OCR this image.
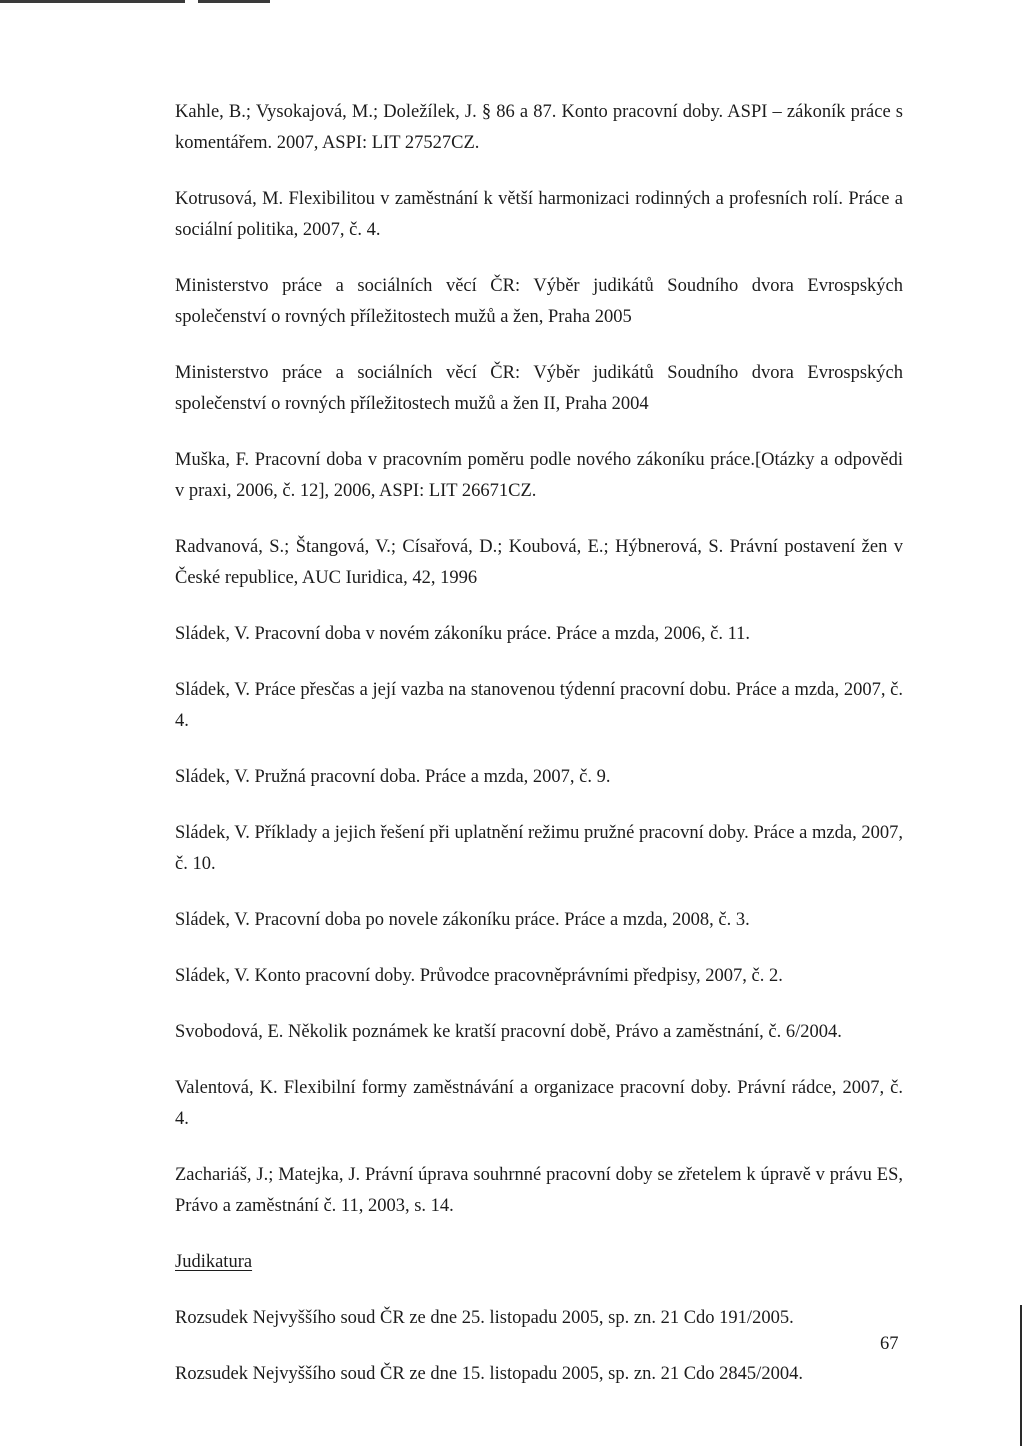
Kahle, B.; Vysokajová, M.; Doležílek, J. § 86 a 87. Konto pracovní doby. ASPI – zákoník práce s komentářem. 2007, ASPI: LIT 27527CZ.

Kotrusová, M. Flexibilitou v zaměstnání k větší harmonizaci rodinných a profesních rolí. Práce a sociální politika, 2007, č. 4.

Ministerstvo práce a sociálních věcí ČR: Výběr judikátů Soudního dvora Evrospských společenství o rovných příležitostech mužů a žen, Praha 2005

Ministerstvo práce a sociálních věcí ČR: Výběr judikátů Soudního dvora Evrospských společenství o rovných příležitostech mužů a žen II, Praha 2004

Muška, F. Pracovní doba v pracovním poměru podle nového zákoníku práce.[Otázky a odpovědi v praxi, 2006, č. 12], 2006, ASPI: LIT 26671CZ.

Radvanová, S.; Štangová, V.; Císařová, D.; Koubová, E.; Hýbnerová, S. Právní postavení žen v České republice, AUC Iuridica, 42, 1996

Sládek, V. Pracovní doba v novém zákoníku práce. Práce a mzda, 2006, č. 11.

Sládek, V. Práce přesčas a její vazba na stanovenou týdenní pracovní dobu. Práce a mzda, 2007, č. 4.

Sládek, V. Pružná pracovní doba. Práce a mzda, 2007, č. 9.

Sládek, V. Příklady a jejich řešení při uplatnění režimu pružné pracovní doby. Práce a mzda, 2007, č. 10.

Sládek, V. Pracovní doba po novele zákoníku práce. Práce a mzda, 2008, č. 3.

Sládek, V. Konto pracovní doby. Průvodce pracovněprávními předpisy, 2007, č. 2.

Svobodová, E. Několik poznámek ke kratší pracovní době, Právo a zaměstnání, č. 6/2004.

Valentová, K. Flexibilní formy zaměstnávání a organizace pracovní doby. Právní rádce, 2007, č. 4.

Zachariáš, J.; Matejka, J. Právní úprava souhrnné pracovní doby se zřetelem k úpravě v právu ES, Právo a zaměstnání č. 11, 2003, s. 14.

Judikatura

Rozsudek Nejvyššího soud ČR ze dne 25. listopadu 2005, sp. zn. 21 Cdo 191/2005.

Rozsudek Nejvyššího soud ČR ze dne 15. listopadu 2005, sp. zn. 21 Cdo 2845/2004.

67
